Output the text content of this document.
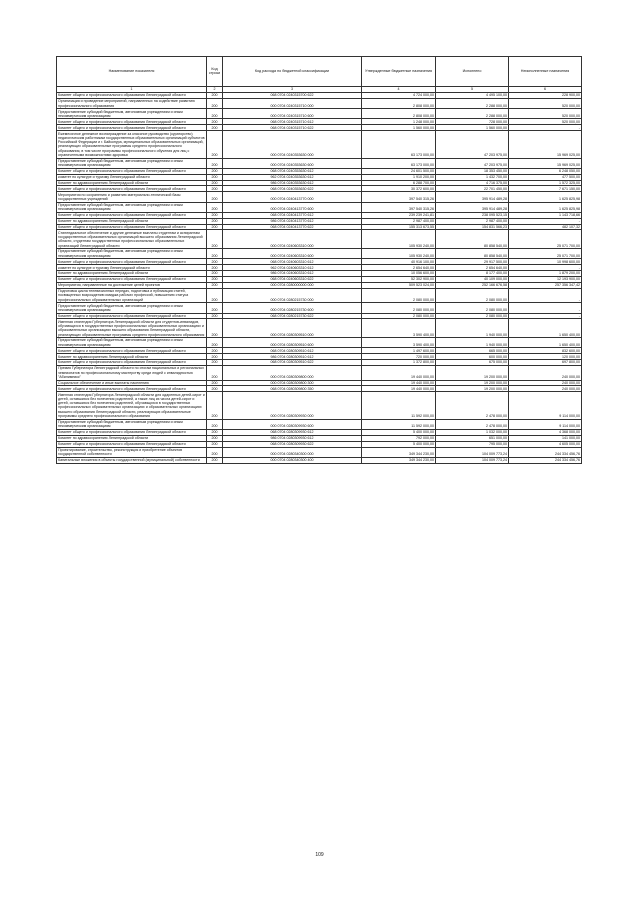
Наименование показателя	Код строки	Код расхода по бюджетной классификации	Утвержденные бюджетные назначения	Исполнено	Неисполненные назначения
1	2	3	4	5	6
Комитет общего и профессионального образования Ленинградской области	200	068 0704 0240315700 622	4 724 000,00	4 495 100,00	228 900,00
Организация и проведение мероприятий, направленных на содействие развитию профессионального образования	200	000 0704 0240315710 000	2 808 000,00	2 288 000,00	520 000,00
Предоставление субсидий бюджетным, автономным учреждениям и иным некоммерческим организациям	200	000 0704 0240315710 600	2 808 000,00	2 288 000,00	520 000,00
Комитет общего и профессионального образования Ленинградской области	200	068 0704 0240315710 612	1 248 000,00	728 000,00	520 000,00
Комитет общего и профессионального образования Ленинградской области	200	068 0704 0240315710 622	1 560 000,00	1 560 000,00	-
Ежемесячное денежное вознаграждение за классное руководство (кураторство) педагогическим работникам государственных образовательных организаций субъектов Российской Федерации и г. Байконура, муниципальных образовательных организаций, реализующих образовательные программы среднего профессионального образования, в том числе программы профессионального обучения для лиц с ограниченными возможностями здоровья	200	000 0704 0240353630 000	63 173 000,00	47 203 975,00	15 969 025,00
Предоставление субсидий бюджетным, автономным учреждениям и иным некоммерческим организациям	200	000 0704 0240353630 600	63 173 000,00	47 203 975,00	15 969 025,00
Комитет общего и профессионального образования Ленинградской области	200	068 0704 0240353630 612	24 601 500,00	18 353 450,00	6 248 050,00
комитет по культуре и туризму Ленинградской области	200	962 0704 0240353630 612	1 910 200,00	1 432 700,00	477 500,00
Комитет по здравоохранению Ленинградской области	200	986 0704 0240353630 612	6 288 700,00	4 716 375,00	1 572 325,00
Комитет общего и профессионального образования Ленинградской области	200	068 0704 0240353630 622	30 372 600,00	22 701 450,00	7 671 150,00
Мероприятия по сохранению и развитию материально-технической базы государственных учреждений	200	000 0704 0240413770 000	397 540 315,26	395 914 489,28	1 625 825,98
Предоставление субсидий бюджетным, автономным учреждениям и иным некоммерческим организациям	200	000 0704 0240413770 600	397 540 315,26	395 914 489,28	1 625 825,98
Комитет общего и профессионального образования Ленинградской области	200	068 0704 0240413770 612	239 239 241,81	238 095 523,15	1 143 718,66
Комитет по здравоохранению Ленинградской области	200	986 0704 0240413770 612	2 987 400,00	2 987 400,00	-
Комитет общего и профессионального образования Ленинградской области	200	068 0704 0240413770 622	155 313 673,55	154 831 566,23	482 107,32
Стипендиальное обеспечение и другие денежные выплаты студентам и аспирантам государственных образовательных организаций высшего образования Ленинградской области, студентам государственных профессиональных образовательных организаций Ленинградской области	200	000 0704 0240603310 000	105 930 240,00	80 858 540,00	25 071 700,00
Предоставление субсидий бюджетным, автономным учреждениям и иным некоммерческим организациям	200	000 0704 0240603310 600	105 930 240,00	80 858 540,00	25 071 700,00
Комитет общего и профессионального образования Ленинградской области	200	068 0704 0240603310 612	40 916 100,00	29 917 500,00	10 998 600,00
комитет по культуре и туризму Ленинградской области	200	962 0704 0240603310 612	2 654 640,00	2 654 640,00	-
Комитет по здравоохранению Ленинградской области	200	986 0704 0240603310 612	10 056 600,00	8 177 400,00	1 879 200,00
Комитет общего и профессионального образования Ленинградской области	200	068 0704 0240603310 622	52 302 900,00	40 109 000,00	12 193 900,00
Мероприятия, направленные на достижение целей проектов	200	000 0704 0280000000 000	509 523 024,00	252 166 676,58	257 356 347,42
Подготовка цикла телевизионных передач, подготовка и публикация статей, посвященных возрождению имиджа рабочих профессий, повышению статуса профессиональных образовательных организаций	200	000 0704 0280215730 000	2 080 000,00	2 080 000,00	-
Предоставление субсидий бюджетным, автономным учреждениям и иным некоммерческим организациям	200	000 0704 0280215730 600	2 080 000,00	2 080 000,00	-
Комитет общего и профессионального образования Ленинградской области	200	068 0704 0280215730 622	2 080 000,00	2 080 000,00	-
Именная стипендия Губернатора Ленинградской области для студентов-инвалидов, обучающихся в государственных профессиональных образовательных организациях и образовательных организациях высшего образования Ленинградской области, реализующих образовательные программы среднего профессионального образования	200	000 0704 0280309510 000	3 590 400,00	1 940 000,00	1 650 400,00
Предоставление субсидий бюджетным, автономным учреждениям и иным некоммерческим организациям	200	000 0704 0280309510 600	3 590 400,00	1 940 000,00	1 650 400,00
Комитет общего и профессионального образования Ленинградской области	200	068 0704 0280309510 612	1 497 600,00	665 000,00	832 600,00
Комитет по здравоохранению Ленинградской области	200	986 0704 0280309510 612	720 000,00	600 000,00	120 000,00
Комитет общего и профессионального образования Ленинградской области	200	068 0704 0280309510 622	1 372 800,00	675 000,00	697 800,00
Премия Губернатора Ленинградской области по итогам национальных и региональных чемпионатов по профессиональному мастерству среди людей с инвалидностью "Абилимпикс"	200	000 0704 0280309800 000	19 440 000,00	19 200 000,00	240 000,00
Социальное обеспечение и иные выплаты населению	200	000 0704 0280309800 300	19 440 000,00	19 200 000,00	240 000,00
Комитет общего и профессионального образования Ленинградской области	200	068 0704 0280309800 350	19 440 000,00	19 200 000,00	240 000,00
Именная стипендия Губернатора Ленинградской области для одаренных детей-сирот и детей, оставшихся без попечения родителей, а также лиц из числа детей-сирот и детей, оставшихся без попечения родителей, обучающихся в государственных профессиональных образовательных организациях и образовательных организациях высшего образования Ленинградской области, реализующих образовательные программы среднего профессионального образования	200	000 0704 0280309930 000	11 592 000,00	2 478 000,00	9 114 000,00
Предоставление субсидий бюджетным, автономным учреждениям и иным некоммерческим организациям	200	000 0704 0280309930 600	11 592 000,00	2 478 000,00	9 114 000,00
Комитет общего и профессионального образования Ленинградской области	200	068 0704 0280309930 612	5 400 000,00	1 032 000,00	4 368 000,00
Комитет по здравоохранению Ленинградской области	200	986 0704 0280309930 612	792 000,00	651 000,00	141 000,00
Комитет общего и профессионального образования Ленинградской области	200	068 0704 0280309930 622	5 400 000,00	795 000,00	4 605 000,00
Проектирование, строительство, реконструкция и приобретение объектов государственной собственности	200	000 0704 0280340300 000	349 344 230,00	104 009 773,24	244 334 456,76
Капитальные вложения в объекты государственной (муниципальной) собственности	200	000 0704 0280340300 400	349 344 230,00	104 009 773,24	244 334 456,76
109
